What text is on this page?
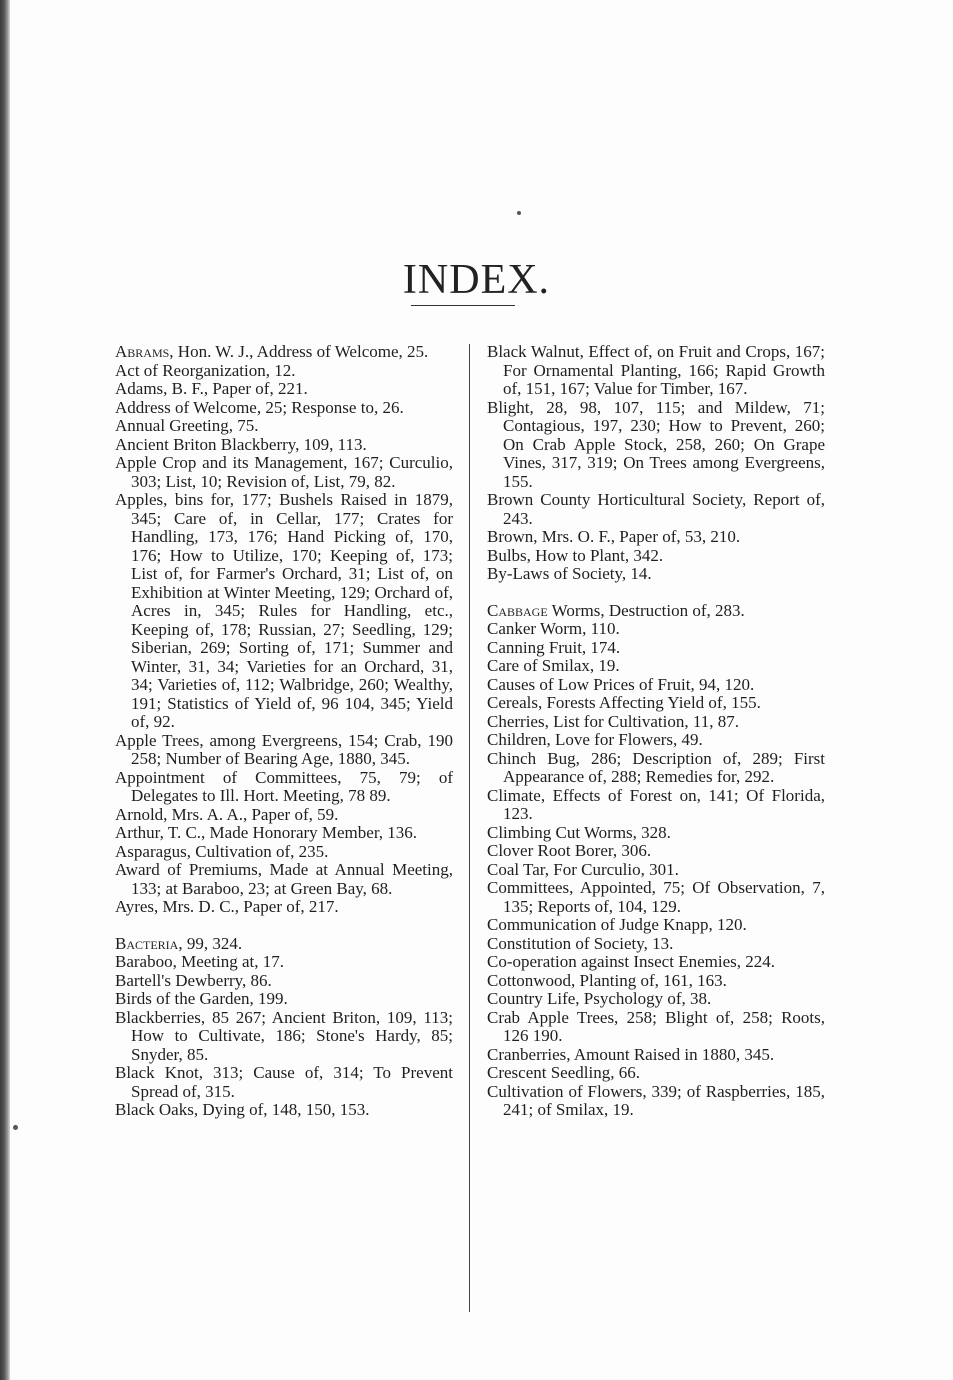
INDEX.
Abrams, Hon. W. J., Address of Welcome, 25.
Act of Reorganization, 12.
Adams, B. F., Paper of, 221.
Address of Welcome, 25; Response to, 26.
Annual Greeting, 75.
Ancient Briton Blackberry, 109, 113.
Apple Crop and its Management, 167; Curculio, 303; List, 10; Revision of, List, 79, 82.
Apples, bins for, 177; Bushels Raised in 1879, 345; Care of, in Cellar, 177; Crates for Handling, 173, 176; Hand Picking of, 170, 176; How to Utilize, 170; Keeping of, 173; List of, for Farmer's Orchard, 31; List of, on Exhibition at Winter Meeting, 129; Orchard of, Acres in, 345; Rules for Handling, etc., Keeping of, 178; Russian, 27; Seedling, 129; Siberian, 269; Sorting of, 171; Summer and Winter, 31, 34; Varieties for an Orchard, 31, 34; Varieties of, 112; Walbridge, 260; Wealthy, 191; Statistics of Yield of, 96 104, 345; Yield of, 92.
Apple Trees, among Evergreens, 154; Crab, 190 258; Number of Bearing Age, 1880, 345.
Appointment of Committees, 75, 79; of Delegates to Ill. Hort. Meeting, 78 89.
Arnold, Mrs. A. A., Paper of, 59.
Arthur, T. C., Made Honorary Member, 136.
Asparagus, Cultivation of, 235.
Award of Premiums, Made at Annual Meeting, 133; at Baraboo, 23; at Green Bay, 68.
Ayres, Mrs. D. C., Paper of, 217.
Bacteria, 99, 324.
Baraboo, Meeting at, 17.
Bartell's Dewberry, 86.
Birds of the Garden, 199.
Blackberries, 85 267; Ancient Briton, 109, 113; How to Cultivate, 186; Stone's Hardy, 85; Snyder, 85.
Black Knot, 313; Cause of, 314; To Prevent Spread of, 315.
Black Oaks, Dying of, 148, 150, 153.
Black Walnut, Effect of, on Fruit and Crops, 167; For Ornamental Planting, 166; Rapid Growth of, 151, 167; Value for Timber, 167.
Blight, 28, 98, 107, 115; and Mildew, 71; Contagious, 197, 230; How to Prevent, 260; On Crab Apple Stock, 258, 260; On Grape Vines, 317, 319; On Trees among Evergreens, 155.
Brown County Horticultural Society, Report of, 243.
Brown, Mrs. O. F., Paper of, 53, 210.
Bulbs, How to Plant, 342.
By-Laws of Society, 14.
Cabbage Worms, Destruction of, 283.
Canker Worm, 110.
Canning Fruit, 174.
Care of Smilax, 19.
Causes of Low Prices of Fruit, 94, 120.
Cereals, Forests Affecting Yield of, 155.
Cherries, List for Cultivation, 11, 87.
Children, Love for Flowers, 49.
Chinch Bug, 286; Description of, 289; First Appearance of, 288; Remedies for, 292.
Climate, Effects of Forest on, 141; Of Florida, 123.
Climbing Cut Worms, 328.
Clover Root Borer, 306.
Coal Tar, For Curculio, 301.
Committees, Appointed, 75; Of Observation, 7, 135; Reports of, 104, 129.
Communication of Judge Knapp, 120.
Constitution of Society, 13.
Co-operation against Insect Enemies, 224.
Cottonwood, Planting of, 161, 163.
Country Life, Psychology of, 38.
Crab Apple Trees, 258; Blight of, 258; Roots, 126 190.
Cranberries, Amount Raised in 1880, 345.
Crescent Seedling, 66.
Cultivation of Flowers, 339; of Raspberries, 185, 241; of Smilax, 19.
